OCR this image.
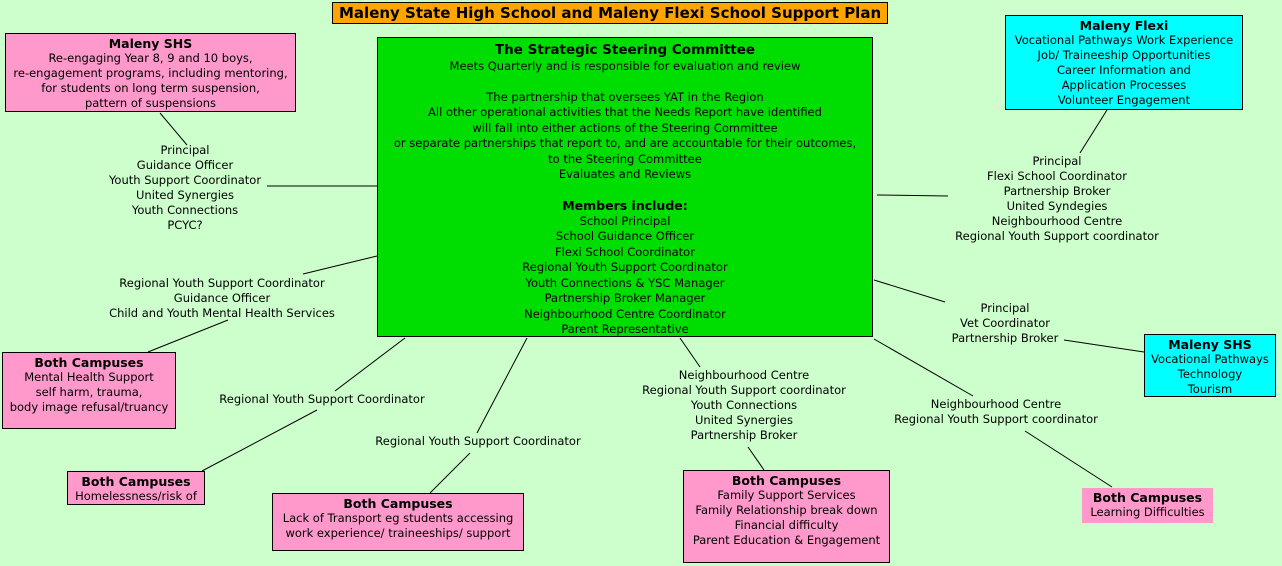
Maleny State High School and Maleny Flexi School Support Plan
Maleny SHS
Re-engaging Year 8, 9 and 10 boys,
re-engagement programs, including mentoring,
for students on long term suspension,
pattern of suspensions
Maleny Flexi
Vocational Pathways Work Experience
Job/ Traineeship Opportunities
Career Information and
Application Processes
Volunteer Engagement
The Strategic Steering Committee
Meets Quarterly and is responsible for evaluation and review
The partnership that oversees YAT in the Region
All other operational activities that the Needs Report have identified
will fall into either actions of the Steering Committee
or separate partnerships that report to, and are accountable for their outcomes,
to the Steering Committee
Evaluates and Reviews
Members include:
School Principal
School Guidance Officer
Flexi School Coordinator
Regional Youth Support Coordinator
Youth Connections & YSC Manager
Partnership Broker Manager
Neighbourhood Centre Coordinator
Parent Representative
Both Campuses
Mental Health Support
self harm, trauma,
body image refusal/truancy
Both Campuses
Homelessness/risk of	Both Campuses
Lack of Transport eg students accessing
work experience/ traineeships/ support
Both Campuses
Family Support Services
Family Relationship break down
Financial difficulty
Parent Education & Engagement
Maleny SHS
Vocational Pathways
Technology
Tourism
Both Campuses
Learning Difficulties
Principal
Guidance Officer
Youth Support Coordinator
United Synergies
Youth Connections
PCYC?
Regional Youth Support Coordinator
Guidance Officer
Child and Youth Mental Health Services
Regional Youth Support Coordinator
Regional Youth Support Coordinator
Neighbourhood Centre
Regional Youth Support coordinator
Youth Connections
United Synergies
Partnership Broker
Principal
Flexi School Coordinator
Partnership Broker
United Syndegies
Neighbourhood Centre
Regional Youth Support coordinator
Principal
Vet Coordinator
Partnership Broker
Neighbourhood Centre
Regional Youth Support coordinator
